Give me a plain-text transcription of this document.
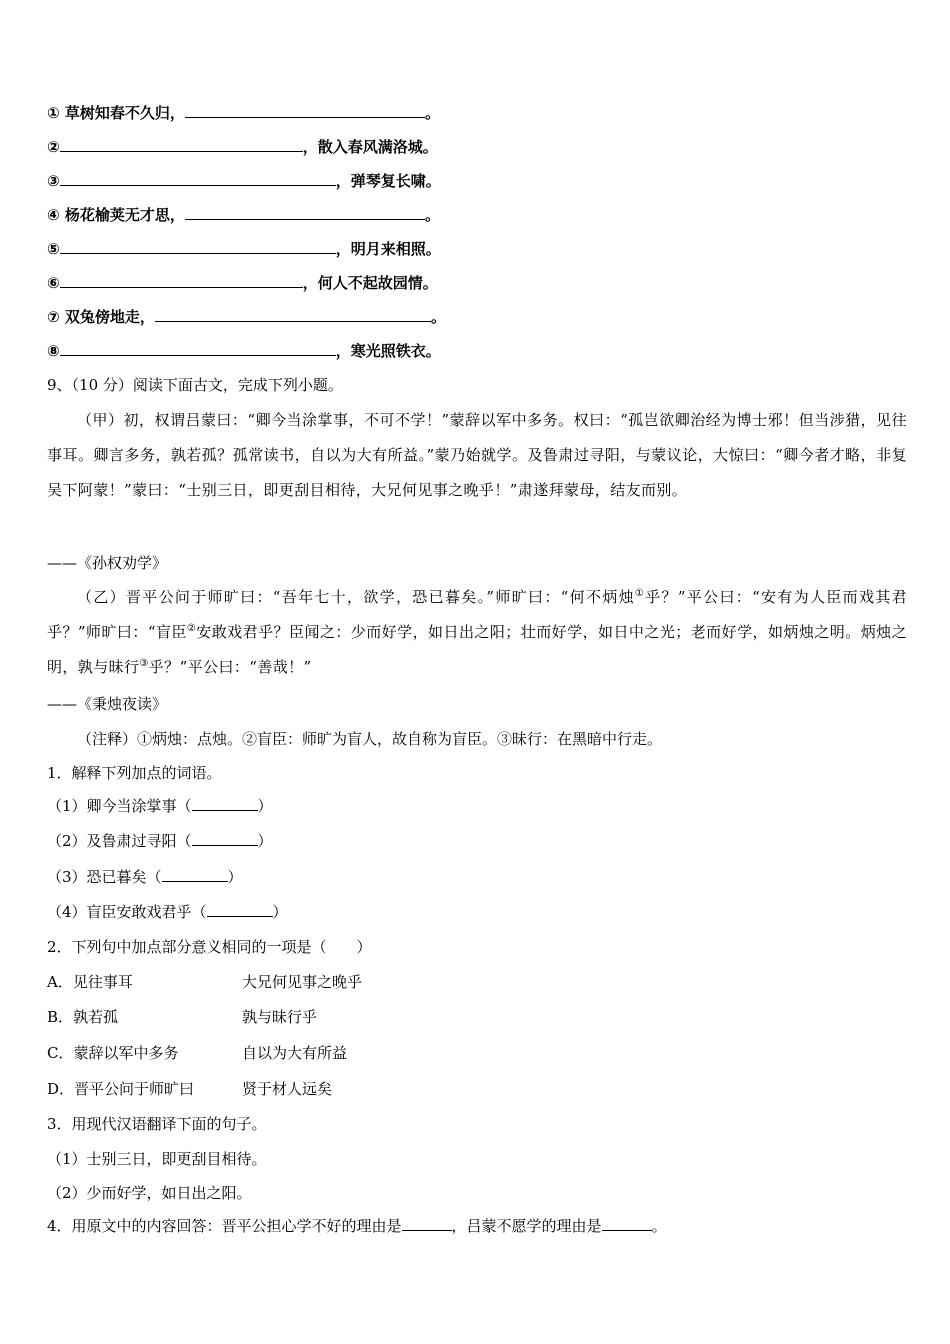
① 草树知春不久归，	。
②	，散入春风满洛城。
③	，弹琴复长啸。
④ 杨花榆荚无才思，	。
⑤	，明月来相照。
⑥	，何人不起故园情。
⑦ 双兔傍地走，	。
⑧	，寒光照铁衣。
9、（10 分）阅读下面古文，完成下列小题。
（甲）初，权谓吕蒙曰：“卿今当涂掌事，不可不学！”蒙辞以军中多务。权曰：“孤岂欲卿治经为博士邪！但当涉猎，见往事耳。卿言多务，孰若孤？孤常读书，自以为大有所益。”蒙乃始就学。及鲁肃过寻阳，与蒙议论，大惊曰：“卿今者才略，非复吴下阿蒙！”蒙曰：“士别三日，即更刮目相待，大兄何见事之晚乎！”肃遂拜蒙母，结友而别。
——《孙权劝学》
（乙）晋平公问于师旷曰：“吾年七十，欲学，恐已暮矣。”师旷曰：“何不炳烛①乎？”平公曰：“安有为人臣而戏其君乎？”师旷曰：“盲臣②安敢戏君乎？臣闻之：少而好学，如日出之阳；壮而好学，如日中之光；老而好学，如炳烛之明。炳烛之明，孰与昧行③乎？”平公曰：“善哉！”
——《秉烛夜读》
（注释）①炳烛：点烛。②盲臣：师旷为盲人，故自称为盲臣。③昧行：在黑暗中行走。
1．解释下列加点的词语。
（1）卿今当涂掌事（	）
（2）及鲁肃过寻阳（	）
（3）恐已暮矣（	）
（4）盲臣安敢戏君乎（	）
2．下列句中加点部分意义相同的一项是（　　）
A．见往事耳	大兄何见事之晚乎
B．孰若孤	孰与昧行乎
C．蒙辞以军中多务	自以为大有所益
D．晋平公问于师旷曰	贤于材人远矣
3．用现代汉语翻译下面的句子。
（1）士别三日，即更刮目相待。
（2）少而好学，如日出之阳。
4．用原文中的内容回答：晋平公担心学不好的理由是	，吕蒙不愿学的理由是	。
